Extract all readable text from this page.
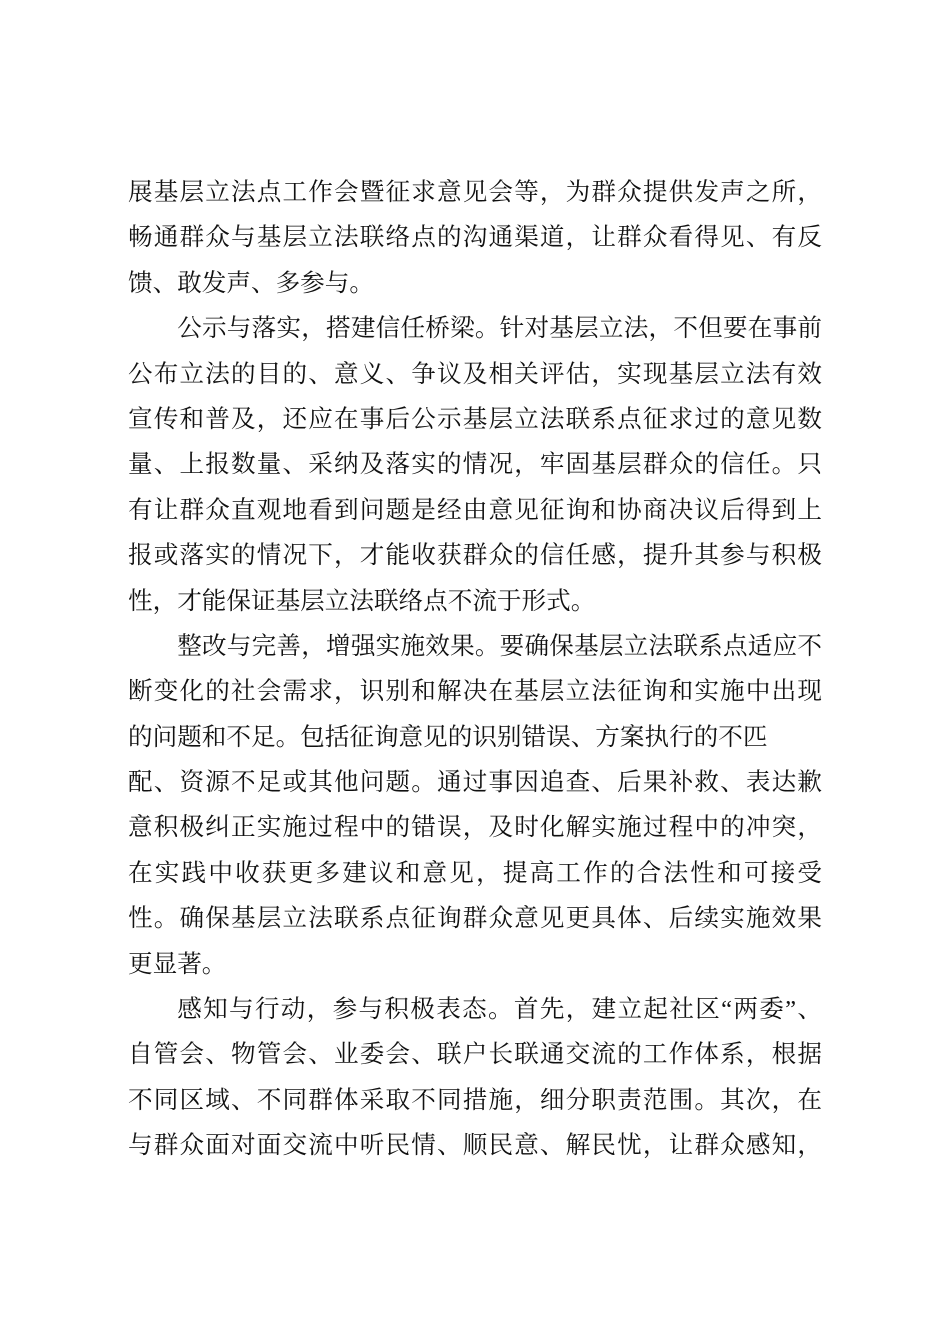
展基层立法点工作会暨征求意见会等，为群众提供发声之所，
畅通群众与基层立法联络点的沟通渠道，让群众看得见、有反
馈、敢发声、多参与。
公示与落实，搭建信任桥梁。针对基层立法，不但要在事前
公布立法的目的、意义、争议及相关评估，实现基层立法有效
宣传和普及，还应在事后公示基层立法联系点征求过的意见数
量、上报数量、采纳及落实的情况，牢固基层群众的信任。只
有让群众直观地看到问题是经由意见征询和协商决议后得到上
报或落实的情况下，才能收获群众的信任感，提升其参与积极
性，才能保证基层立法联络点不流于形式。
整改与完善，增强实施效果。要确保基层立法联系点适应不
断变化的社会需求，识别和解决在基层立法征询和实施中出现
的问题和不足。包括征询意见的识别错误、方案执行的不匹
配、资源不足或其他问题。通过事因追查、后果补救、表达歉
意积极纠正实施过程中的错误，及时化解实施过程中的冲突，
在实践中收获更多建议和意见，提高工作的合法性和可接受
性。确保基层立法联系点征询群众意见更具体、后续实施效果
更显著。
感知与行动，参与积极表态。首先，建立起社区“两委”、
自管会、物管会、业委会、联户长联通交流的工作体系，根据
不同区域、不同群体采取不同措施，细分职责范围。其次，在
与群众面对面交流中听民情、顺民意、解民忧，让群众感知，
